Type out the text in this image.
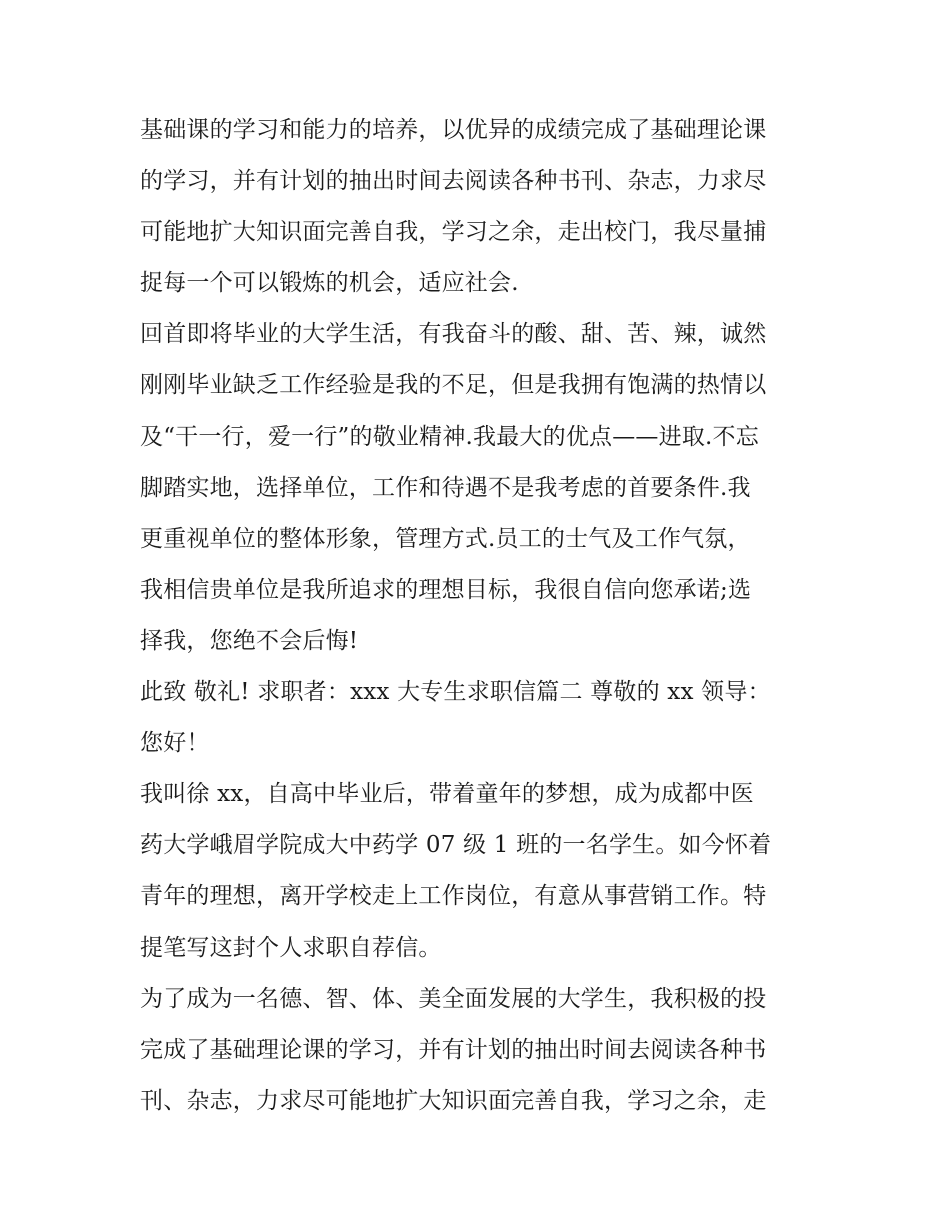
基础课的学习和能力的培养，以优异的成绩完成了基础理论课
的学习，并有计划的抽出时间去阅读各种书刊、杂志，力求尽
可能地扩大知识面完善自我，学习之余，走出校门，我尽量捕
捉每一个可以锻炼的机会，适应社会.
回首即将毕业的大学生活，有我奋斗的酸、甜、苦、辣，诚然
刚刚毕业缺乏工作经验是我的不足，但是我拥有饱满的热情以
及“干一行，爱一行”的敬业精神.我最大的优点——进取.不忘
脚踏实地，选择单位，工作和待遇不是我考虑的首要条件.我
更重视单位的整体形象，管理方式.员工的士气及工作气氛，
我相信贵单位是我所追求的理想目标，我很自信向您承诺;选
择我，您绝不会后悔!
此致 敬礼! 求职者：xxx 大专生求职信篇二 尊敬的 xx 领导：
您好！
我叫徐 xx，自高中毕业后，带着童年的梦想，成为成都中医
药大学峨眉学院成大中药学 07 级 1 班的一名学生。如今怀着
青年的理想，离开学校走上工作岗位，有意从事营销工作。特
提笔写这封个人求职自荐信。
为了成为一名德、智、体、美全面发展的大学生，我积极的投
完成了基础理论课的学习，并有计划的抽出时间去阅读各种书
刊、杂志，力求尽可能地扩大知识面完善自我，学习之余，走
